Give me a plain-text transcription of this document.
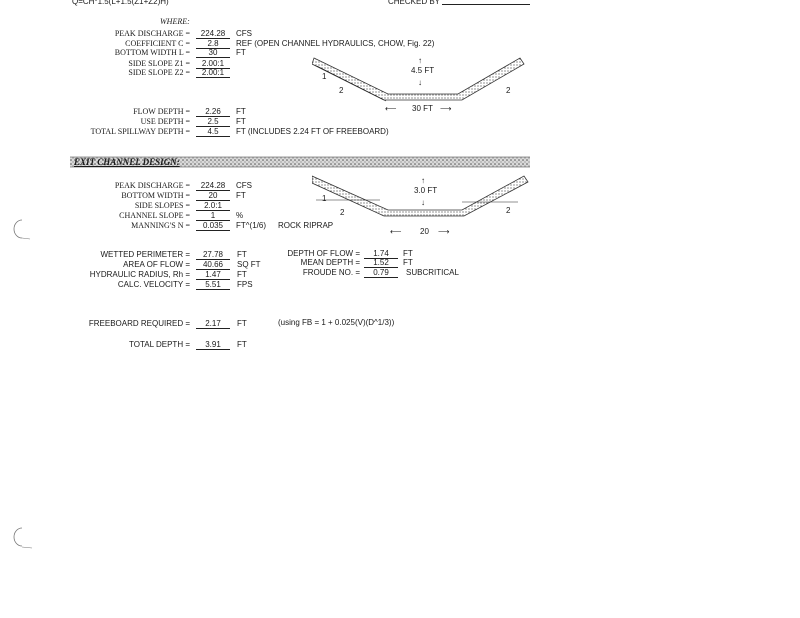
Q=CH*1.5(L+1.5(Z1+Z2)H)	CHECKED BY
WHERE:
PEAK DISCHARGE =	224.28	CFS
COEFFICIENT C =	2.8	REF (OPEN CHANNEL HYDRAULICS, CHOW, Fig. 22)
BOTTOM WIDTH L =	30	FT
SIDE SLOPE Z1 =	2.00:1
SIDE SLOPE Z2 =	2.00:1	4.5 FT
↑
↓
1
2	2
⟵ 30 FT ⟶
FLOW DEPTH =	2.26	FT
USE DEPTH =	2.5	FT
TOTAL SPILLWAY DEPTH =	4.5	FT (INCLUDES 2.24 FT OF FREEBOARD)
EXIT CHANNEL DESIGN:
PEAK DISCHARGE =	224.28	CFS
BOTTOM WIDTH =	20	FT
SIDE SLOPES =	2.0:1
CHANNEL SLOPE =	1	%
MANNING'S N =	0.035	FT^(1/6) ROCK RIPRAP
↑
3.0 FT
↓
1
2	2
⟵ 20 ⟶
WETTED PERIMETER =	27.78	FT
AREA OF FLOW =	40.66	SQ FT
HYDRAULIC RADIUS, Rh =	1.47	FT
CALC. VELOCITY =	5.51	FPS
DEPTH OF FLOW =	1.74	FT
MEAN DEPTH =	1.52	FT
FROUDE NO. =	0.79	SUBCRITICAL
FREEBOARD REQUIRED =	2.17	FT	(using FB = 1 + 0.025(V)(D^1/3))
TOTAL DEPTH =	3.91	FT
